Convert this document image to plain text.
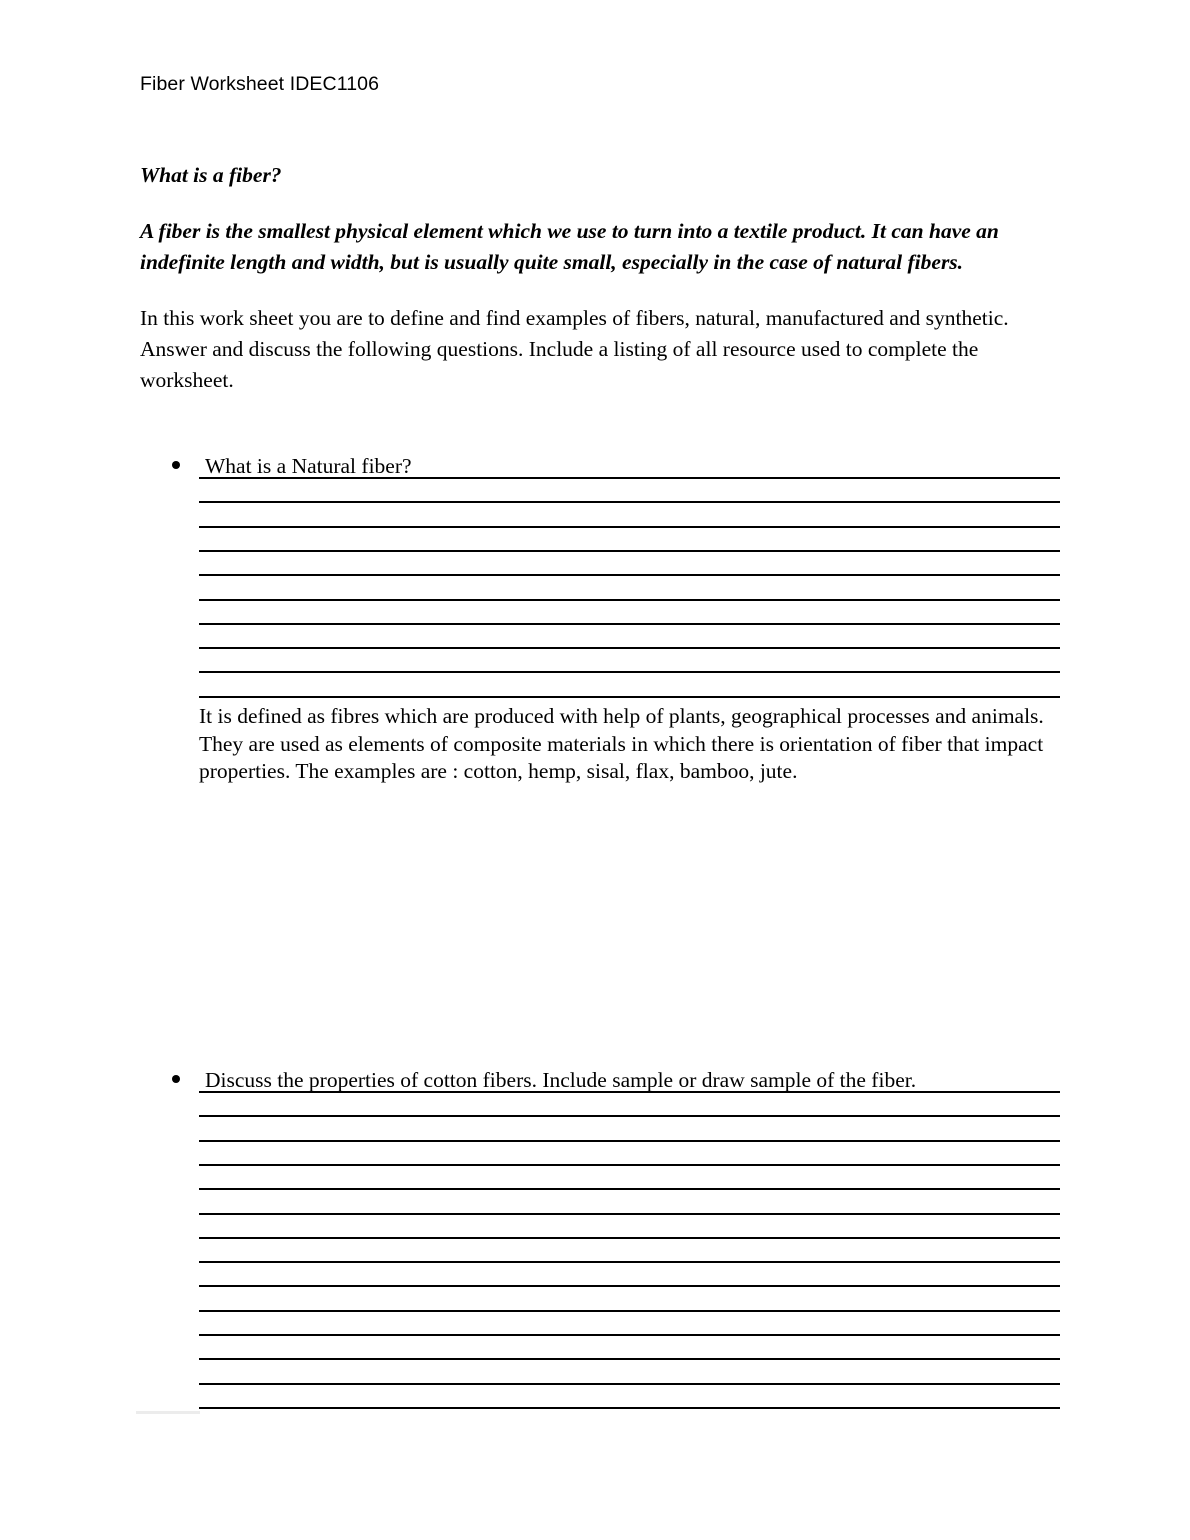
Fiber Worksheet IDEC1106

What is a fiber?

A fiber is the smallest physical element which we use to turn into a textile product. It can have an indefinite length and width, but is usually quite small, especially in the case of natural fibers.

In this work sheet you are to define and find examples of fibers, natural, manufactured and synthetic. Answer and discuss the following questions. Include a listing of all resource used to complete the worksheet.

What is a Natural fiber?
Discuss the properties of cotton fibers. Include sample or draw sample of the fiber.
It is defined as fibres which are produced with help of plants, geographical processes and animals. They are used as elements of composite materials in which there is orientation of fiber that impact properties. The examples are : cotton, hemp, sisal, flax, bamboo, jute.
